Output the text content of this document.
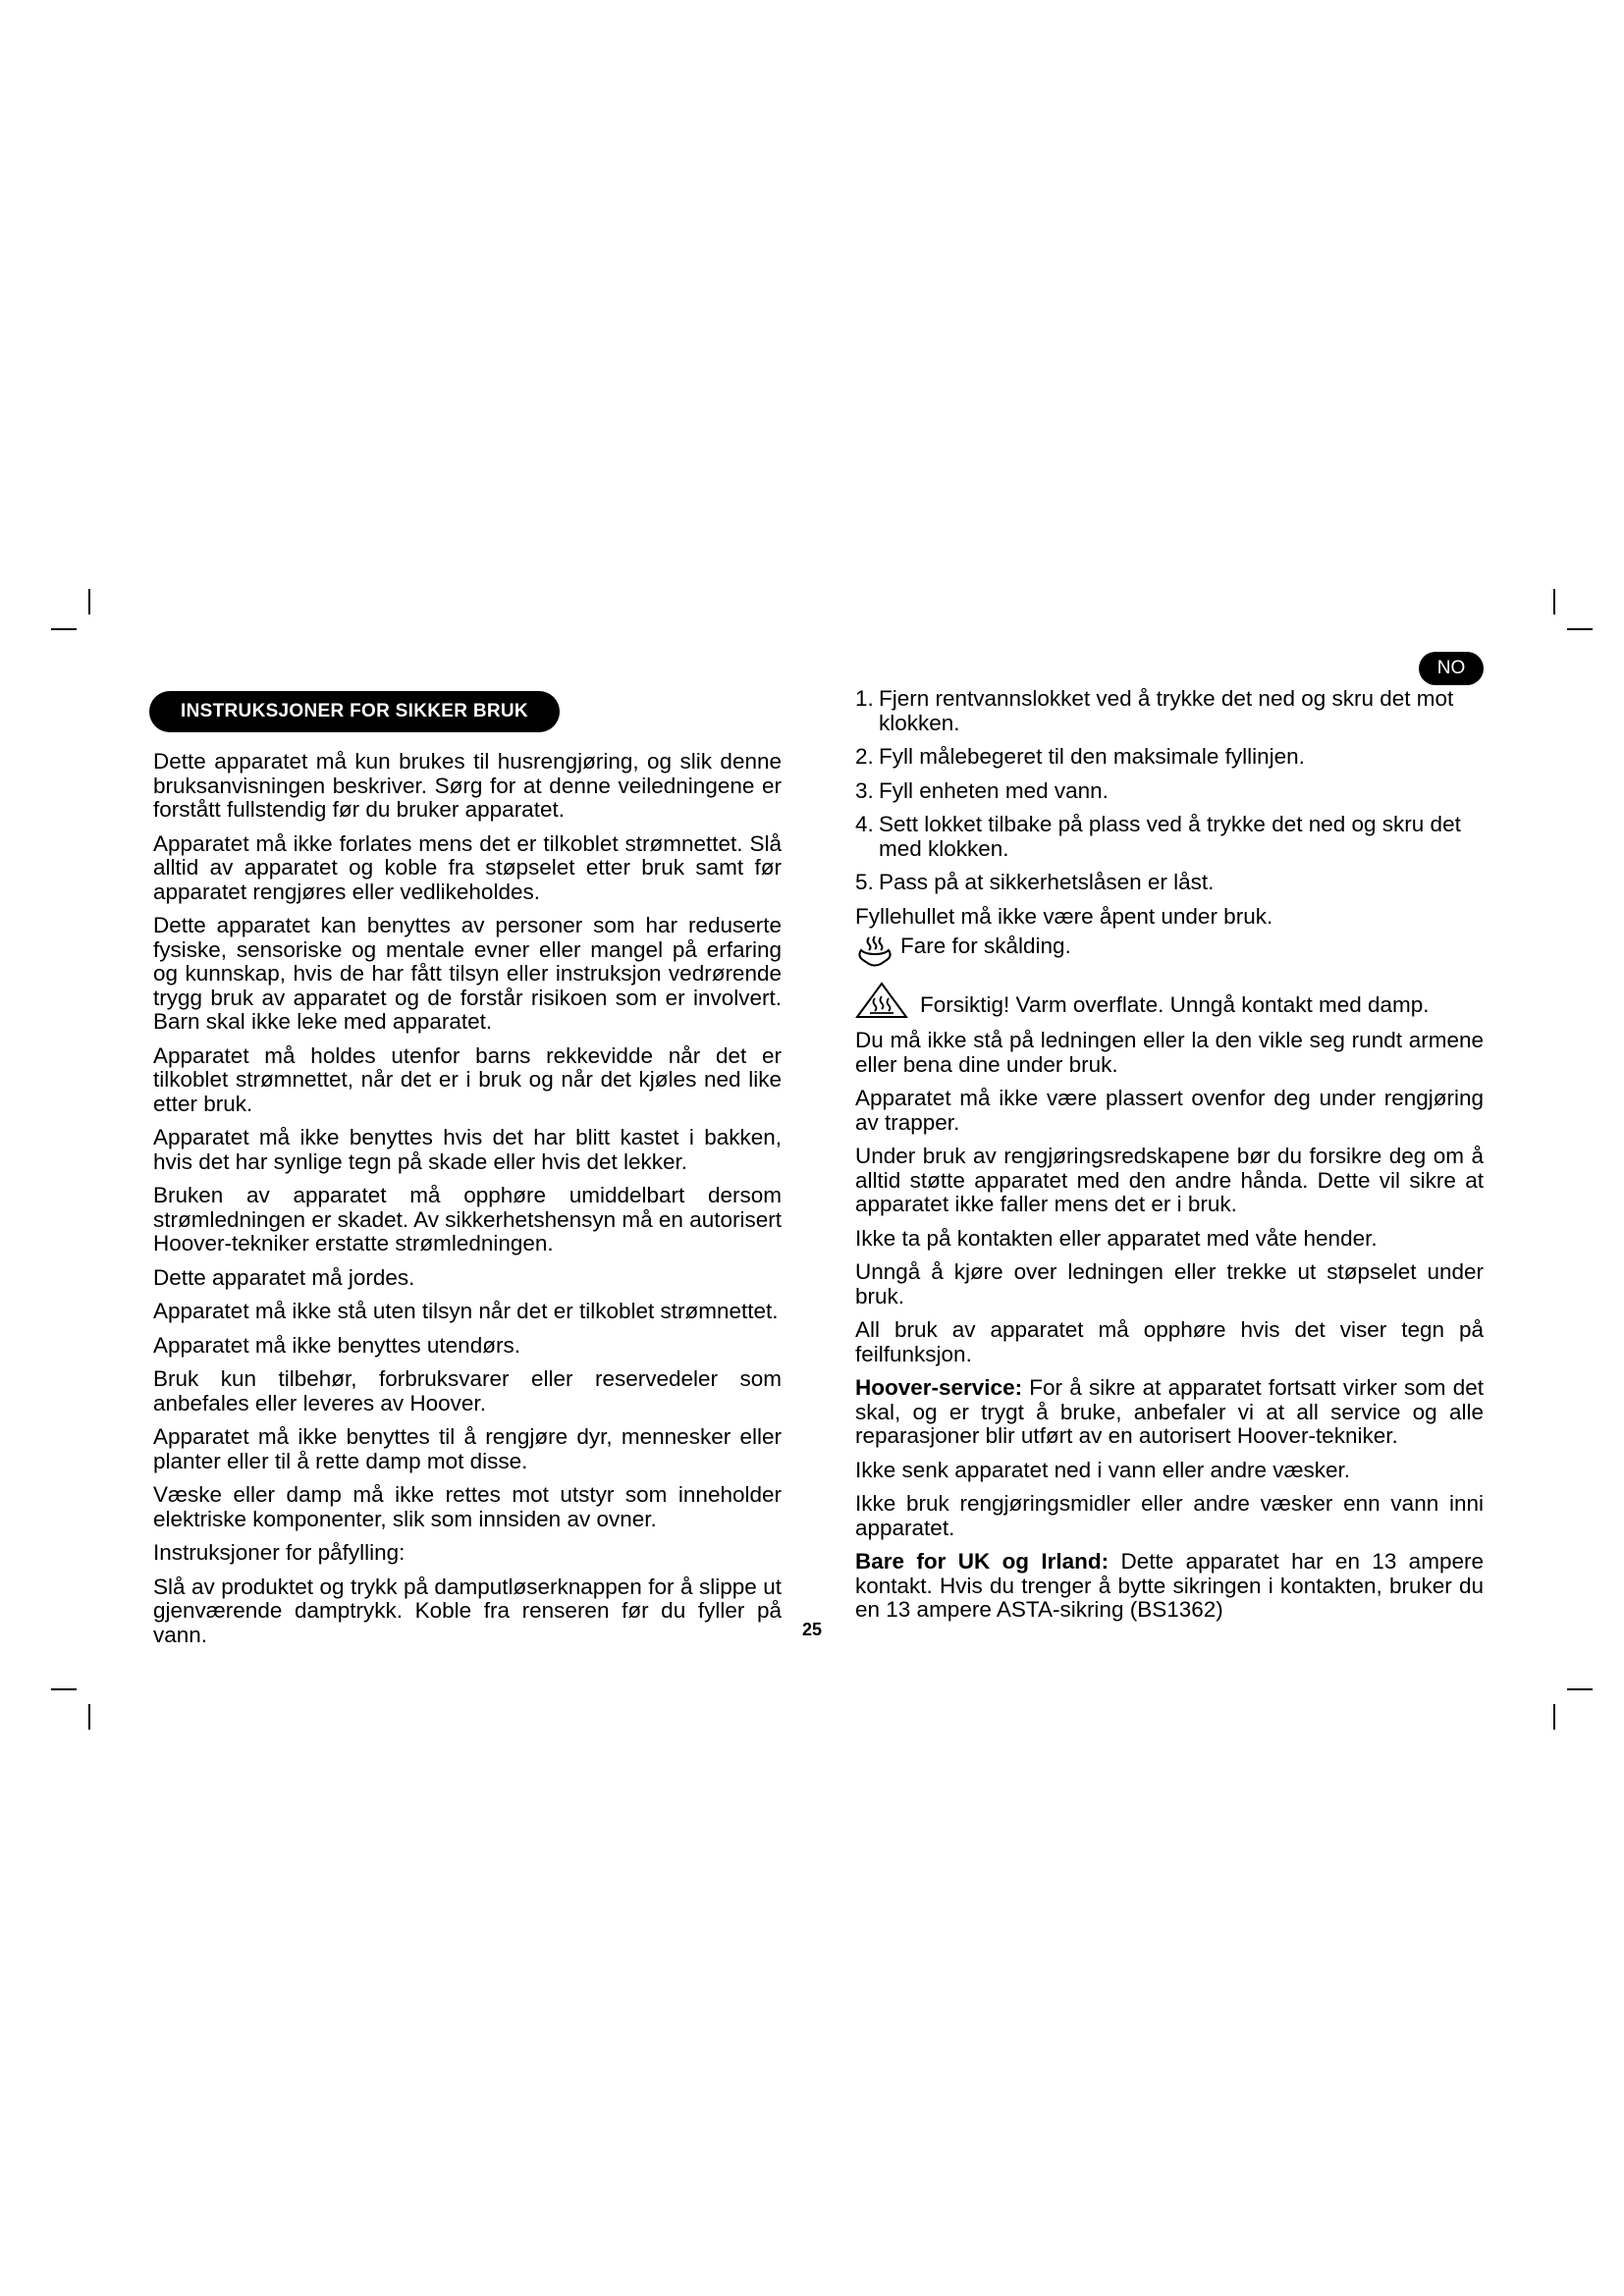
NO
INSTRUKSJONER FOR SIKKER BRUK

Dette apparatet må kun brukes til husrengjøring, og slik denne bruksanvisningen beskriver. Sørg for at denne veiledningene er forstått fullstendig før du bruker apparatet.

Apparatet må ikke forlates mens det er tilkoblet strømnettet. Slå alltid av apparatet og koble fra støpselet etter bruk samt før apparatet rengjøres eller vedlikeholdes.

Dette apparatet kan benyttes av personer som har reduserte fysiske, sensoriske og mentale evner eller mangel på erfaring og kunnskap, hvis de har fått tilsyn eller instruksjon vedrørende trygg bruk av apparatet og de forstår risikoen som er involvert. Barn skal ikke leke med apparatet.

Apparatet må holdes utenfor barns rekkevidde når det er tilkoblet strømnettet, når det er i bruk og når det kjøles ned like etter bruk.

Apparatet må ikke benyttes hvis det har blitt kastet i bakken, hvis det har synlige tegn på skade eller hvis det lekker.

Bruken av apparatet må opphøre umiddelbart dersom strømledningen er skadet. Av sikkerhetshensyn må en autorisert Hoover-tekniker erstatte strømledningen.

Dette apparatet må jordes.

Apparatet må ikke stå uten tilsyn når det er tilkoblet strømnettet.

Apparatet må ikke benyttes utendørs.

Bruk kun tilbehør, forbruksvarer eller reservedeler som anbefales eller leveres av Hoover.

Apparatet må ikke benyttes til å rengjøre dyr, mennesker eller planter eller til å rette damp mot disse.

Væske eller damp må ikke rettes mot utstyr som inneholder elektriske komponenter, slik som innsiden av ovner.

Instruksjoner for påfylling:

Slå av produktet og trykk på damputløserknappen for å slippe ut gjenværende damptrykk. Koble fra renseren før du fyller på vann.

1. Fjern rentvannslokket ved å trykke det ned og skru det mot klokken.
2. Fyll målebegeret til den maksimale fyllinjen.
3. Fyll enheten med vann.
4. Sett lokket tilbake på plass ved å trykke det ned og skru det med klokken.
5. Pass på at sikkerhetslåsen er låst.

Fyllehullet må ikke være åpent under bruk.

Fare for skålding.
Forsiktig! Varm overflate. Unngå kontakt med damp.

Du må ikke stå på ledningen eller la den vikle seg rundt armene eller bena dine under bruk.

Apparatet må ikke være plassert ovenfor deg under rengjøring av trapper.

Under bruk av rengjøringsredskapene bør du forsikre deg om å alltid støtte apparatet med den andre hånda. Dette vil sikre at apparatet ikke faller mens det er i bruk.

Ikke ta på kontakten eller apparatet med våte hender.

Unngå å kjøre over ledningen eller trekke ut støpselet under bruk.

All bruk av apparatet må opphøre hvis det viser tegn på feilfunksjon.

Hoover-service: For å sikre at apparatet fortsatt virker som det skal, og er trygt å bruke, anbefaler vi at all service og alle reparasjoner blir utført av en autorisert Hoover-tekniker.

Ikke senk apparatet ned i vann eller andre væsker.

Ikke bruk rengjøringsmidler eller andre væsker enn vann inni apparatet.

Bare for UK og Irland: Dette apparatet har en 13 ampere kontakt. Hvis du trenger å bytte sikringen i kontakten, bruker du en 13 ampere ASTA-sikring (BS1362)

25
